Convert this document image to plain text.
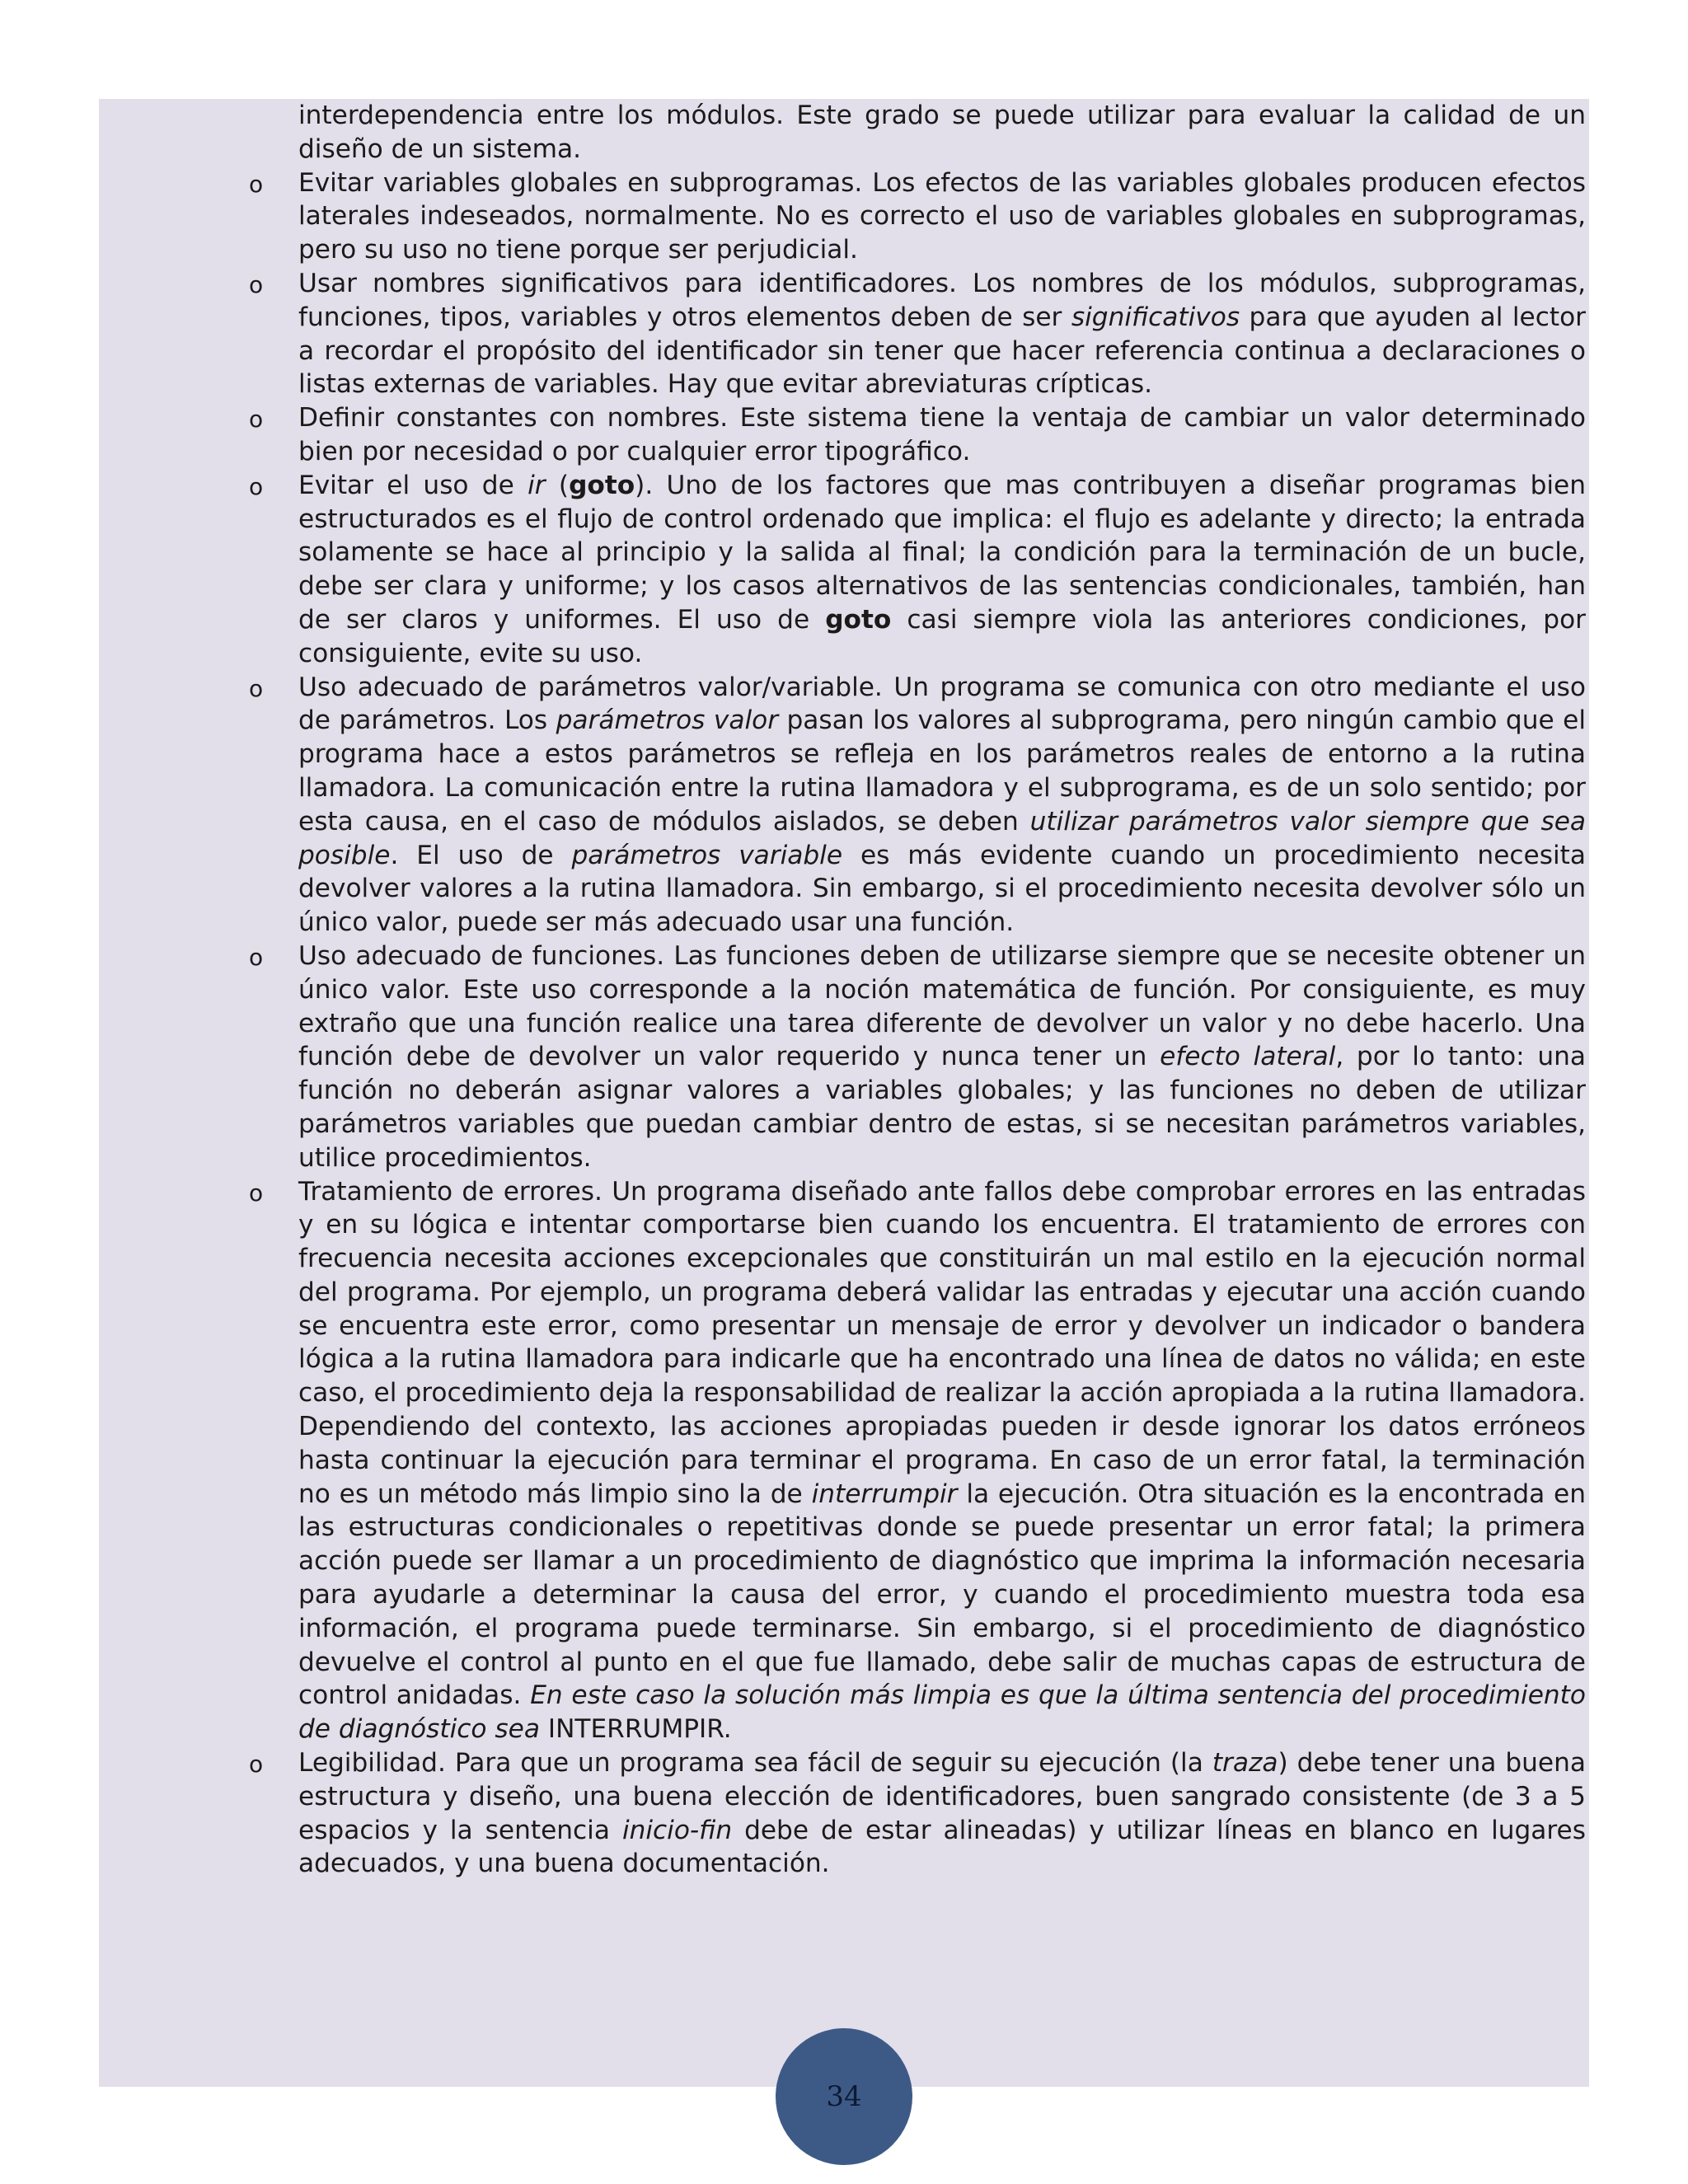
interdependencia entre los módulos. Este grado se puede utilizar para evaluar la calidad de un diseño de un sistema.
o Evitar variables globales en subprogramas. Los efectos de las variables globales producen efectos laterales indeseados, normalmente. No es correcto el uso de variables globales en subprogramas, pero su uso no tiene porque ser perjudicial.
o Usar nombres significativos para identificadores. Los nombres de los módulos, subprogramas, funciones, tipos, variables y otros elementos deben de ser significativos para que ayuden al lector a recordar el propósito del identificador sin tener que hacer referencia continua a declaraciones o listas externas de variables. Hay que evitar abreviaturas crípticas.
o Definir constantes con nombres. Este sistema tiene la ventaja de cambiar un valor determinado bien por necesidad o por cualquier error tipográfico.
o Evitar el uso de ir (goto). Uno de los factores que mas contribuyen a diseñar programas bien estructurados es el flujo de control ordenado que implica: el flujo es adelante y directo; la entrada solamente se hace al principio y la salida al final; la condición para la terminación de un bucle, debe ser clara y uniforme; y los casos alternativos de las sentencias condicionales, también, han de ser claros y uniformes. El uso de goto casi siempre viola las anteriores condiciones, por consiguiente, evite su uso.
o Uso adecuado de parámetros valor/variable. Un programa se comunica con otro mediante el uso de parámetros. Los parámetros valor pasan los valores al subprograma, pero ningún cambio que el programa hace a estos parámetros se refleja en los parámetros reales de entorno a la rutina llamadora. La comunicación entre la rutina llamadora y el subprograma, es de un solo sentido; por esta causa, en el caso de módulos aislados, se deben utilizar parámetros valor siempre que sea posible. El uso de parámetros variable es más evidente cuando un procedimiento necesita devolver valores a la rutina llamadora. Sin embargo, si el procedimiento necesita devolver sólo un único valor, puede ser más adecuado usar una función.
o Uso adecuado de funciones. Las funciones deben de utilizarse siempre que se necesite obtener un único valor. Este uso corresponde a la noción matemática de función. Por consiguiente, es muy extraño que una función realice una tarea diferente de devolver un valor y no debe hacerlo. Una función debe de devolver un valor requerido y nunca tener un efecto lateral, por lo tanto: una función no deberán asignar valores a variables globales; y las funciones no deben de utilizar parámetros variables que puedan cambiar dentro de estas, si se necesitan parámetros variables, utilice procedimientos.
o Tratamiento de errores. Un programa diseñado ante fallos debe comprobar errores en las entradas y en su lógica e intentar comportarse bien cuando los encuentra. El tratamiento de errores con frecuencia necesita acciones excepcionales que constituirán un mal estilo en la ejecución normal del programa. Por ejemplo, un programa deberá validar las entradas y ejecutar una acción cuando se encuentra este error, como presentar un mensaje de error y devolver un indicador o bandera lógica a la rutina llamadora para indicarle que ha encontrado una línea de datos no válida; en este caso, el procedimiento deja la responsabilidad de realizar la acción apropiada a la rutina llamadora. Dependiendo del contexto, las acciones apropiadas pueden ir desde ignorar los datos erróneos hasta continuar la ejecución para terminar el programa. En caso de un error fatal, la terminación no es un método más limpio sino la de interrumpir la ejecución. Otra situación es la encontrada en las estructuras condicionales o repetitivas donde se puede presentar un error fatal; la primera acción puede ser llamar a un procedimiento de diagnóstico que imprima la información necesaria para ayudarle a determinar la causa del error, y cuando el procedimiento muestra toda esa información, el programa puede terminarse. Sin embargo, si el procedimiento de diagnóstico devuelve el control al punto en el que fue llamado, debe salir de muchas capas de estructura de control anidadas. En este caso la solución más limpia es que la última sentencia del procedimiento de diagnóstico sea INTERRUMPIR.
o Legibilidad. Para que un programa sea fácil de seguir su ejecución (la traza) debe tener una buena estructura y diseño, una buena elección de identificadores, buen sangrado consistente (de 3 a 5 espacios y la sentencia inicio-fin debe de estar alineadas) y utilizar líneas en blanco en lugares adecuados, y una buena documentación.
34
